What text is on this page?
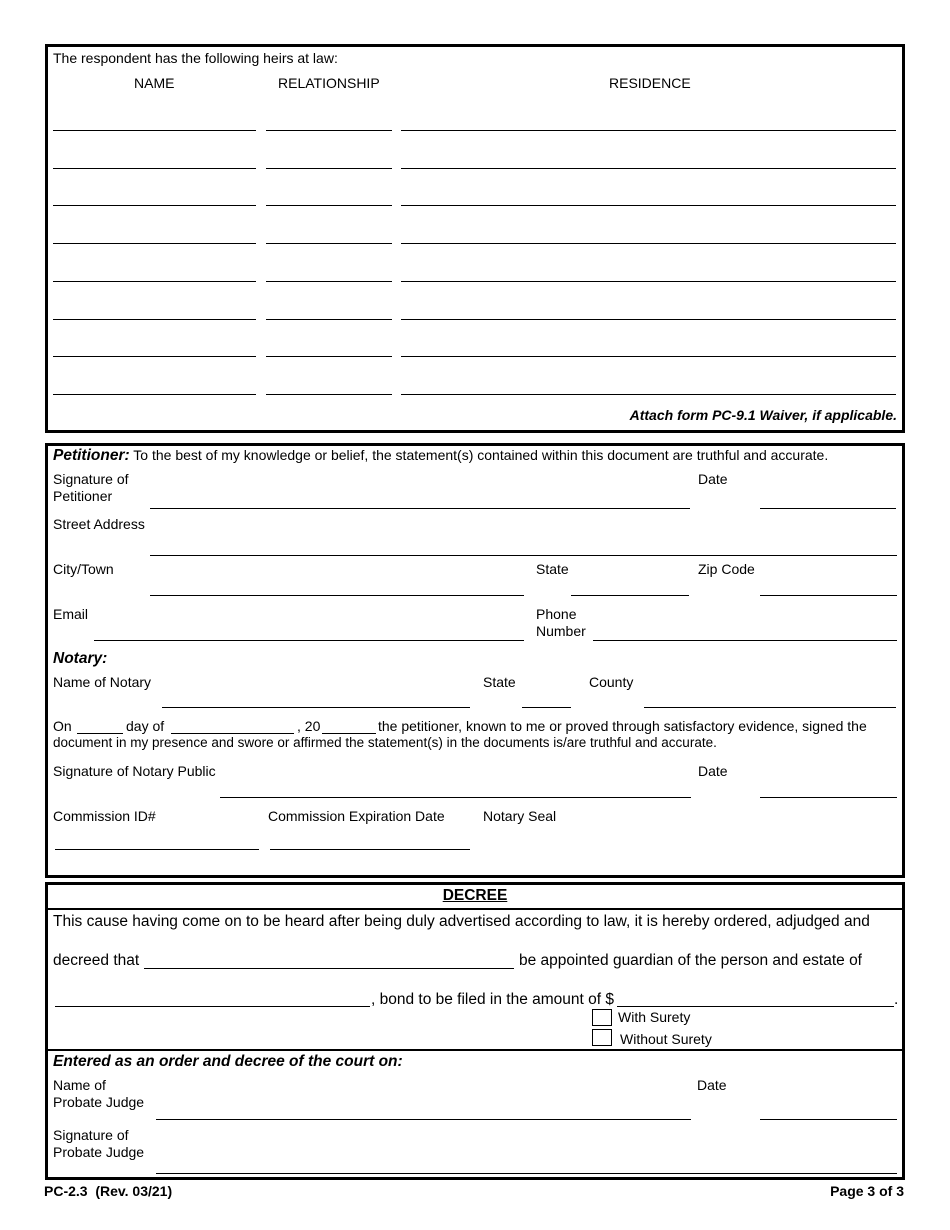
The respondent has the following heirs at law:
NAME	RELATIONSHIP	RESIDENCE
Attach form PC-9.1 Waiver, if applicable.
Petitioner: To the best of my knowledge or belief, the statement(s) contained within this document are truthful and accurate.
Signature of
Petitioner
Date
Street Address
City/Town	State	Zip Code
Email	Phone
Number
Notary:
Name of Notary	State	County
On	day of	, 20	the petitioner, known to me or proved through satisfactory evidence, signed the
document in my presence and swore or affirmed the statement(s) in the documents is/are truthful and accurate.
Signature of Notary Public	Date
Commission ID#	Commission Expiration Date	Notary Seal
DECREE
This cause having come on to be heard after being duly advertised according to law, it is hereby ordered, adjudged and
decreed that	be appointed guardian of the person and estate of
, bond to be filed in the amount of $	.
With Surety
Without Surety
Entered as an order and decree of the court on:
Name of
Probate Judge
Date
Signature of
Probate Judge
PC-2.3  (Rev. 03/21)	Page 3 of 3
